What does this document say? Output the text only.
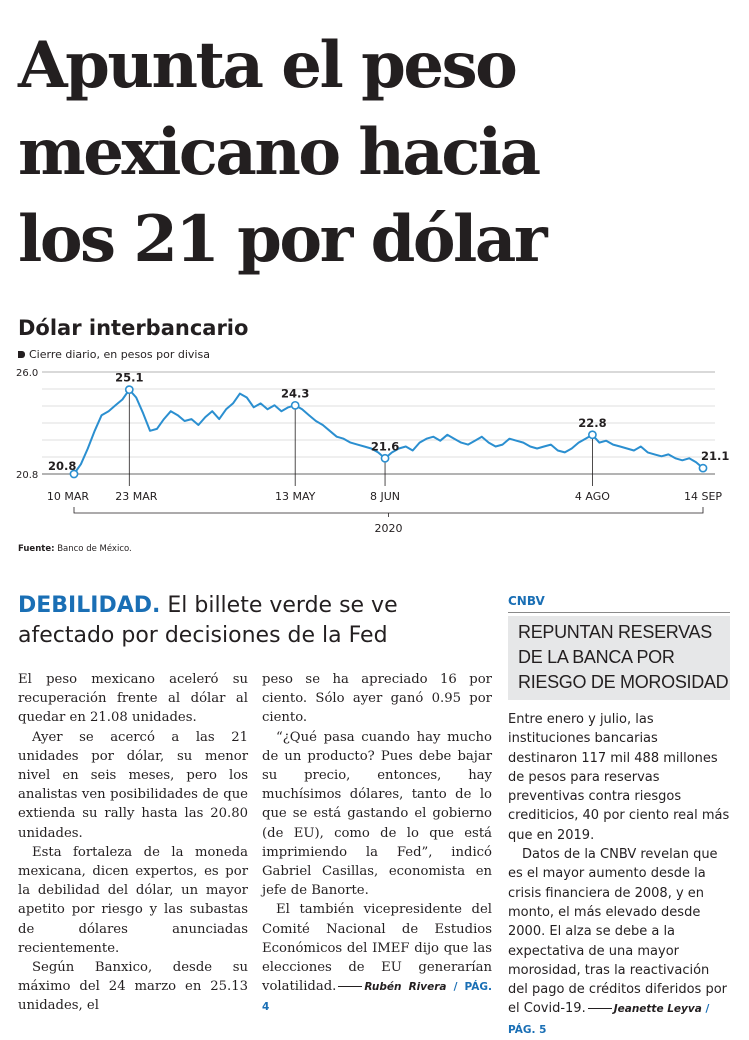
Apunta el peso
mexicano hacia
los 21 por dólar
Dólar interbancario
Cierre diario, en pesos por divisa
26.0
20.8
20.8
25.1
24.3
21.6
22.8
21.1
10 MAR 23 MAR	13 MAY	8 JUN	4 AGO	14 SEP
2020
Fuente: Banco de México.
DEBILIDAD. El billete verde se ve afectado por decisiones de la Fed

El peso mexicano aceleró su recuperación frente al dólar al quedar en 21.08 unidades.

Ayer se acercó a las 21 unidades por dólar, su menor nivel en seis meses, pero los analistas ven posibilidades de que extienda su rally hasta las 20.80 unidades.

Esta fortaleza de la moneda mexicana, dicen expertos, es por la debilidad del dólar, un mayor apetito por riesgo y las subastas de dólares anunciadas recientemente.

Según Banxico, desde su máximo del 24 marzo en 25.13 unidades, el

peso se ha apreciado 16 por ciento. Sólo ayer ganó 0.95 por ciento.

“¿Qué pasa cuando hay mucho de un producto? Pues debe bajar su precio, entonces, hay muchísimos dólares, tanto de lo que se está gastando el gobierno (de EU), como de lo que está imprimiendo la Fed”, indicó Gabriel Casillas, economista en jefe de Banorte.

El también vicepresidente del Comité Nacional de Estudios Económicos del IMEF dijo que las elecciones de EU generarían volatilidad.	Rubén Rivera / PÁG. 4

CNBV
REPUNTAN RESERVAS
DE LA BANCA POR
RIESGO DE MOROSIDAD

Entre enero y julio, las instituciones bancarias destinaron 117 mil 488 millones de pesos para reservas preventivas contra riesgos crediticios, 40 por ciento real más que en 2019.

Datos de la CNBV revelan que es el mayor aumento desde la crisis financiera de 2008, y en monto, el más elevado desde 2000. El alza se debe a la expectativa de una mayor morosidad, tras la reactivación del pago de créditos diferidos por el Covid-19.	Jeanette Leyva / PÁG. 5
